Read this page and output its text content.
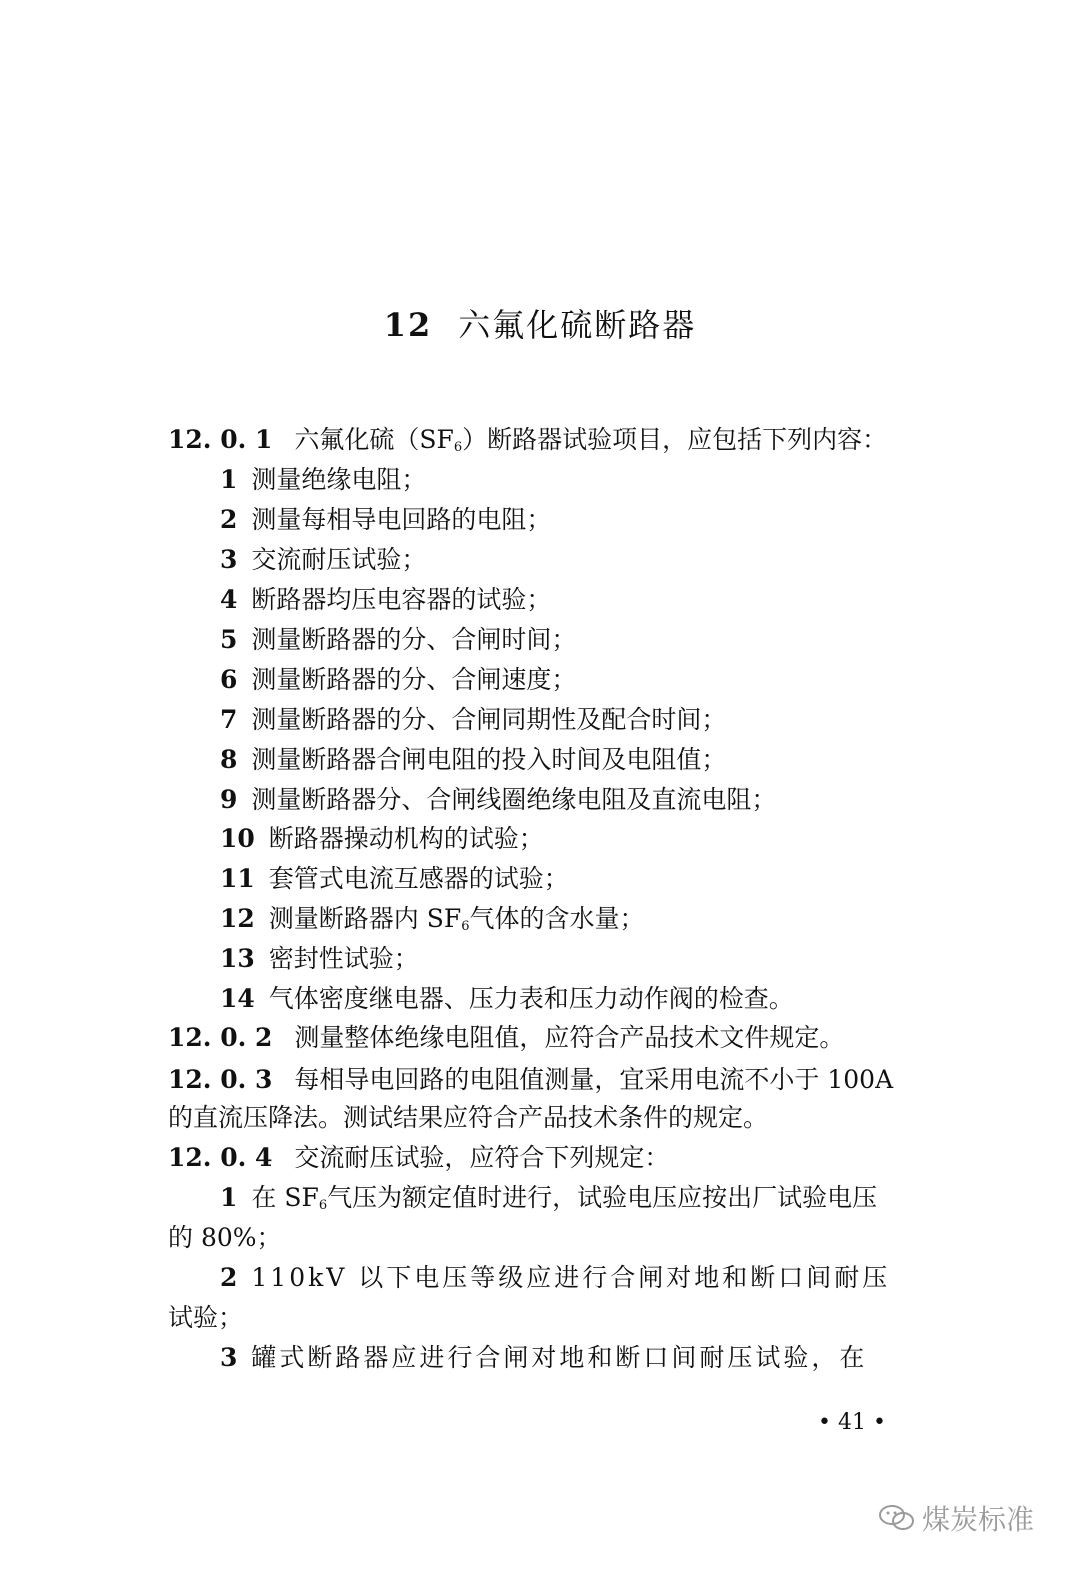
12 六氟化硫断路器
12. 0. 1 六氟化硫$(SF_6)$断路器试验项目，应包括下列内容：
1 测量绝缘电阻；
2 测量每相导电回路的电阻；
3 交流耐压试验；
4 断路器均压电容器的试验；
5 测量断路器的分、合闸时间；
6 测量断路器的分、合闸速度；
7 测量断路器的分、合闸同期性及配合时间；
8 测量断路器合闸电阻的投入时间及电阻值；
9 测量断路器分、合闸线圈绝缘电阻及直流电阻；
10 断路器操动机构的试验；
11 套管式电流互感器的试验；
12 测量断路器内 $SF_6$气体的含水量；
13 密封性试验；
14 气体密度继电器、压力表和压力动作阀的检查。
12. 0. 2 测量整体绝缘电阻值，应符合产品技术文件规定。
12. 0. 3 每相导电回路的电阻值测量，宜采用电流不小于 100A
的直流压降法。测试结果应符合产品技术条件的规定。
12. 0. 4 交流耐压试验，应符合下列规定：
1 在 $SF_6$气压为额定值时进行，试验电压应按出厂试验电压
的 80%；
2 110kV 以下电压等级应进行合闸对地和断口间耐压
试验；
3 罐式断路器应进行合闸对地和断口间耐压试验，在
• 41 •
煤炭标准
